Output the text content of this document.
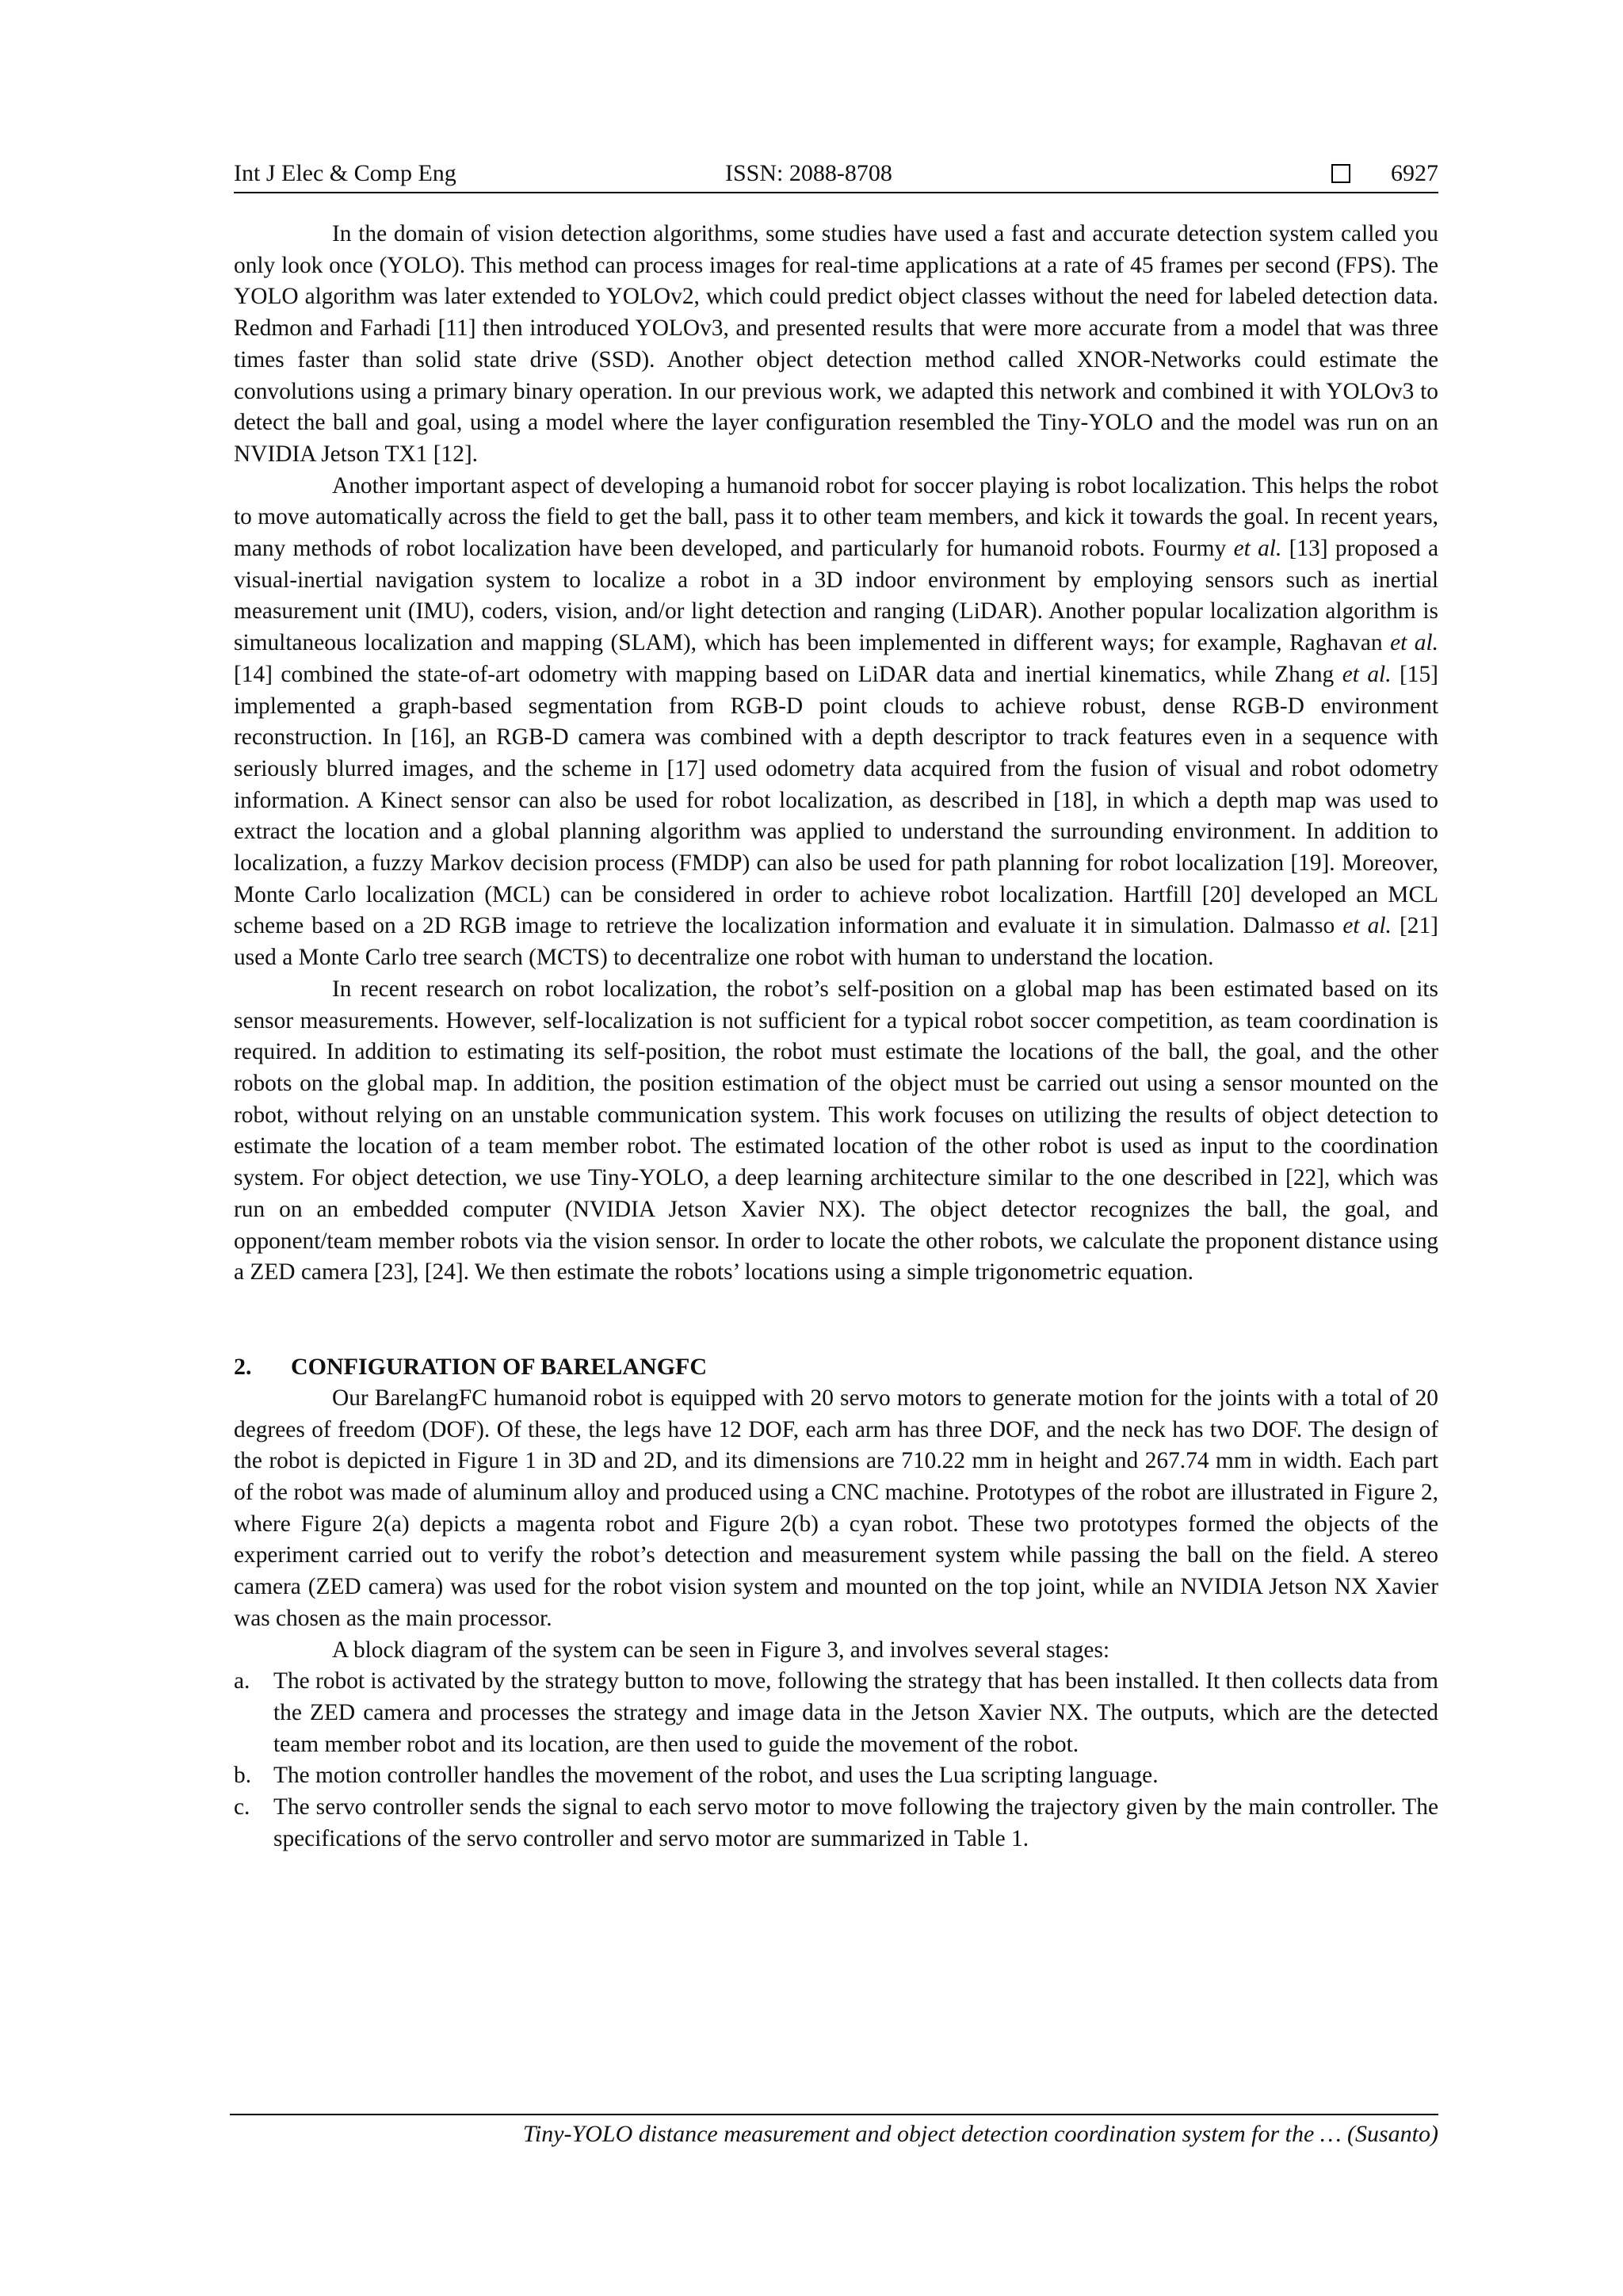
Int J Elec & Comp Eng	ISSN: 2088-8708	6927

In the domain of vision detection algorithms, some studies have used a fast and accurate detection system called you only look once (YOLO). This method can process images for real-time applications at a rate of 45 frames per second (FPS). The YOLO algorithm was later extended to YOLOv2, which could predict object classes without the need for labeled detection data. Redmon and Farhadi [11] then introduced YOLOv3, and presented results that were more accurate from a model that was three times faster than solid state drive (SSD). Another object detection method called XNOR-Networks could estimate the convolutions using a primary binary operation. In our previous work, we adapted this network and combined it with YOLOv3 to detect the ball and goal, using a model where the layer configuration resembled the Tiny-YOLO and the model was run on an NVIDIA Jetson TX1 [12].

Another important aspect of developing a humanoid robot for soccer playing is robot localization. This helps the robot to move automatically across the field to get the ball, pass it to other team members, and kick it towards the goal. In recent years, many methods of robot localization have been developed, and particularly for humanoid robots. Fourmy et al. [13] proposed a visual-inertial navigation system to localize a robot in a 3D indoor environment by employing sensors such as inertial measurement unit (IMU), coders, vision, and/or light detection and ranging (LiDAR). Another popular localization algorithm is simultaneous localization and mapping (SLAM), which has been implemented in different ways; for example, Raghavan et al. [14] combined the state-of-art odometry with mapping based on LiDAR data and inertial kinematics, while Zhang et al. [15] implemented a graph-based segmentation from RGB-D point clouds to achieve robust, dense RGB-D environment reconstruction. In [16], an RGB-D camera was combined with a depth descriptor to track features even in a sequence with seriously blurred images, and the scheme in [17] used odometry data acquired from the fusion of visual and robot odometry information. A Kinect sensor can also be used for robot localization, as described in [18], in which a depth map was used to extract the location and a global planning algorithm was applied to understand the surrounding environment. In addition to localization, a fuzzy Markov decision process (FMDP) can also be used for path planning for robot localization [19]. Moreover, Monte Carlo localization (MCL) can be considered in order to achieve robot localization. Hartfill [20] developed an MCL scheme based on a 2D RGB image to retrieve the localization information and evaluate it in simulation. Dalmasso et al. [21] used a Monte Carlo tree search (MCTS) to decentralize one robot with human to understand the location.

In recent research on robot localization, the robot’s self-position on a global map has been estimated based on its sensor measurements. However, self-localization is not sufficient for a typical robot soccer competition, as team coordination is required. In addition to estimating its self-position, the robot must estimate the locations of the ball, the goal, and the other robots on the global map. In addition, the position estimation of the object must be carried out using a sensor mounted on the robot, without relying on an unstable communication system. This work focuses on utilizing the results of object detection to estimate the location of a team member robot. The estimated location of the other robot is used as input to the coordination system. For object detection, we use Tiny-YOLO, a deep learning architecture similar to the one described in [22], which was run on an embedded computer (NVIDIA Jetson Xavier NX). The object detector recognizes the ball, the goal, and opponent/team member robots via the vision sensor. In order to locate the other robots, we calculate the proponent distance using a ZED camera [23], [24]. We then estimate the robots’ locations using a simple trigonometric equation.

2.	CONFIGURATION OF BARELANGFC

Our BarelangFC humanoid robot is equipped with 20 servo motors to generate motion for the joints with a total of 20 degrees of freedom (DOF). Of these, the legs have 12 DOF, each arm has three DOF, and the neck has two DOF. The design of the robot is depicted in Figure 1 in 3D and 2D, and its dimensions are 710.22 mm in height and 267.74 mm in width. Each part of the robot was made of aluminum alloy and produced using a CNC machine. Prototypes of the robot are illustrated in Figure 2, where Figure 2(a) depicts a magenta robot and Figure 2(b) a cyan robot. These two prototypes formed the objects of the experiment carried out to verify the robot’s detection and measurement system while passing the ball on the field. A stereo camera (ZED camera) was used for the robot vision system and mounted on the top joint, while an NVIDIA Jetson NX Xavier was chosen as the main processor.

A block diagram of the system can be seen in Figure 3, and involves several stages:

a. The robot is activated by the strategy button to move, following the strategy that has been installed. It then collects data from the ZED camera and processes the strategy and image data in the Jetson Xavier NX. The outputs, which are the detected team member robot and its location, are then used to guide the movement of the robot.
b. The motion controller handles the movement of the robot, and uses the Lua scripting language.
c. The servo controller sends the signal to each servo motor to move following the trajectory given by the main controller. The specifications of the servo controller and servo motor are summarized in Table 1.
Tiny-YOLO distance measurement and object detection coordination system for the … (Susanto)
